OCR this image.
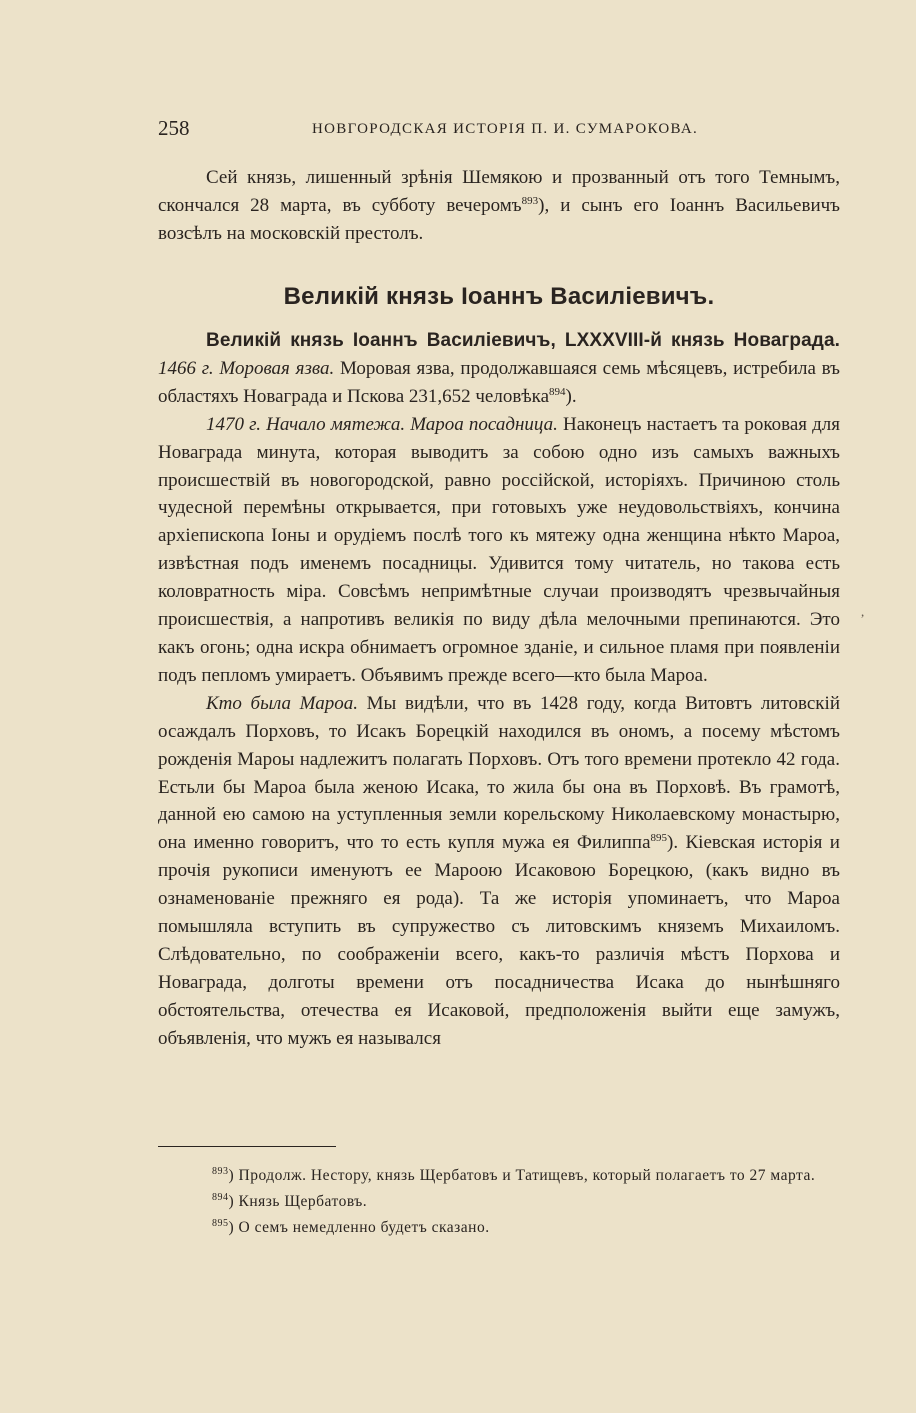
258	НОВГОРОДСКАЯ ИСТОРІЯ П. И. СУМАРОКОВА.

Сей князь, лишенный зрѣнія Шемякою и прозванный отъ того Темнымъ, скончался 28 марта, въ субботу вечеромъ$^{893}$), и сынъ его Іоаннъ Васильевичъ возсѣлъ на московскій престолъ.

Великій князь Іоаннъ Василіевичъ.

Великій князь Іоаннъ Василіевичъ, LXXXVIII-й князь Новаграда. 1466 г. Моровая язва. Моровая язва, продолжавшаяся семь мѣсяцевъ, истребила въ областяхъ Новаграда и Пскова 231,652 человѣка$^{894}$).

1470 г. Начало мятежа. Мароа посадница. Наконецъ настаетъ та роковая для Новаграда минута, которая выводитъ за собою одно изъ самыхъ важныхъ происшествій въ новогородской, равно россійской, исторіяхъ. Причиною столь чудесной перемѣны открывается, при готовыхъ уже неудовольствіяхъ, кончина архіепископа Іоны и орудіемъ послѣ того къ мятежу одна женщина нѣкто Мароа, извѣстная подъ именемъ посадницы. Удивится тому читатель, но такова есть коловратность міра. Совсѣмъ непримѣтные случаи производятъ чрезвычайныя происшествія, а напротивъ великія по виду дѣла мелочными препинаются. Это какъ огонь; одна искра обнимаетъ огромное зданіе, и сильное пламя при появленіи подъ пепломъ умираетъ. Объявимъ прежде всего—кто была Мароа.

Кто была Мароа. Мы видѣли, что въ 1428 году, когда Витовтъ литовскій осаждалъ Порховъ, то Исакъ Борецкій находился въ ономъ, а посему мѣстомъ рожденія Мароы надлежитъ полагать Порховъ. Отъ того времени протекло 42 года. Естьли бы Мароа была женою Исака, то жила бы она въ Порховѣ. Въ грамотѣ, данной ею самою на уступленныя земли корельскому Николаевскому монастырю, она именно говоритъ, что то есть купля мужа ея Филиппа$^{895}$). Кіевская исторія и прочія рукописи именуютъ ее Мароою Исаковою Борецкою, (какъ видно въ ознаменованіе прежняго ея рода). Та же исторія упоминаетъ, что Мароа помышляла вступить въ супружество съ литовскимъ княземъ Михаиломъ. Слѣдовательно, по соображеніи всего, какъ-то различія мѣстъ Порхова и Новаграда, долготы времени отъ посадничества Исака до нынѣшняго обстоятельства, отечества ея Исаковой, предположенія выйти еще замужъ, объявленія, что мужъ ея назывался

,

$^{893}$) Продолж. Нестору, князь Щербатовъ и Татищевъ, который полагаетъ то 27 марта.

$^{894}$) Князь Щербатовъ.

$^{895}$) О семъ немедленно будетъ сказано.
